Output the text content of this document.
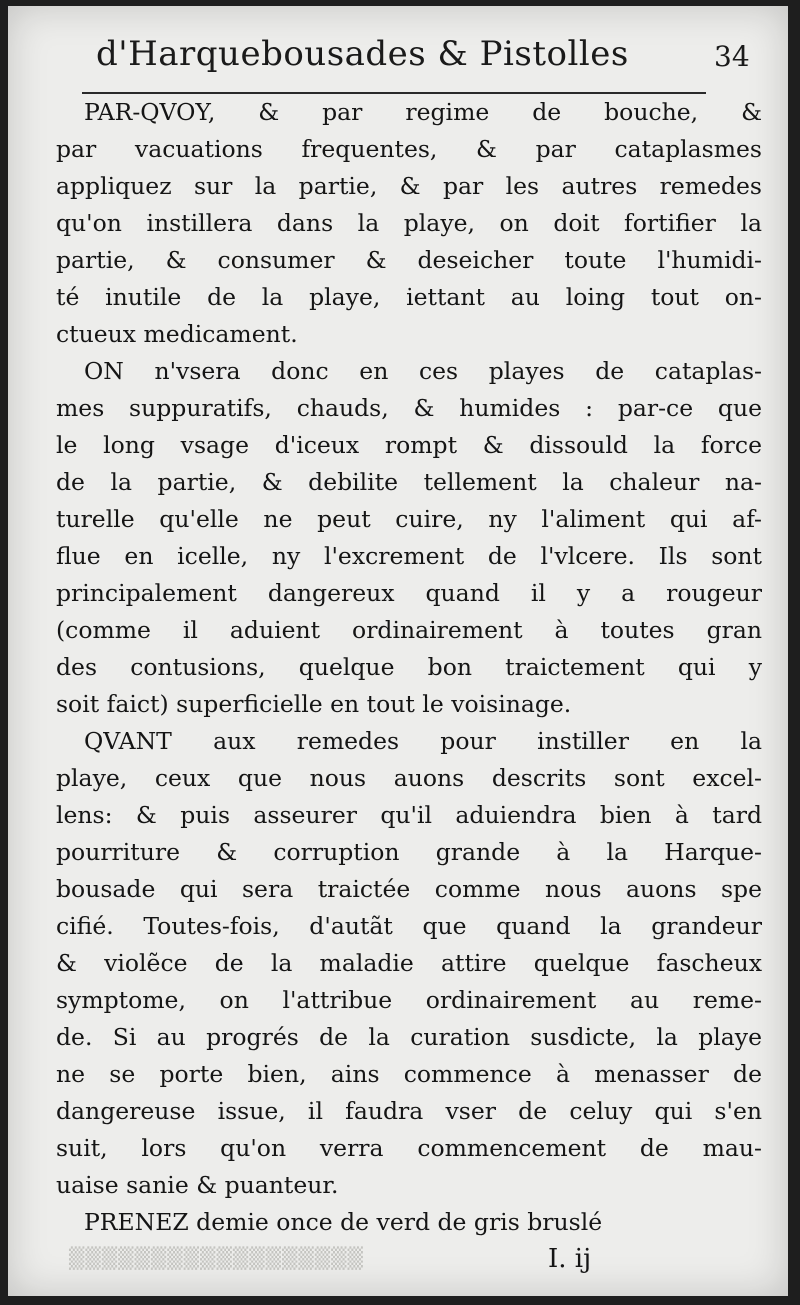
d'Harquebousades & Pistolles	34

PAR-QVOY, & par regime de bouche, &
par vacuations frequentes, & par cataplasmes
appliquez sur la partie, & par les autres remedes
qu'on instillera dans la playe, on doit fortifier la
partie, & consumer & deseicher toute l'humidi-
té inutile de la playe, iettant au loing tout on-
ctueux medicament.

ON n'vsera donc en ces playes de cataplas-
mes suppuratifs, chauds, & humides : par-ce que
le long vsage d'iceux rompt & dissould la force
de la partie, & debilite tellement la chaleur na-
turelle qu'elle ne peut cuire, ny l'aliment qui af-
flue en icelle, ny l'excrement de l'vlcere. Ils sont
principalement dangereux quand il y a rougeur
(comme il aduient ordinairement à toutes gran
des contusions, quelque bon traictement qui y
soit faict) superficielle en tout le voisinage.

QVANT aux remedes pour instiller en la
playe, ceux que nous auons descrits sont excel-
lens: & puis asseurer qu'il aduiendra bien à tard
pourriture & corruption grande à la Harque-
bousade qui sera traictée comme nous auons spe
cifié. Toutes-fois, d'autãt que quand la grandeur
& violẽce de la maladie attire quelque fascheux
symptome, on l'attribue ordinairement au reme-
de. Si au progrés de la curation susdicte, la playe
ne se porte bien, ains commence à menasser de
dangereuse issue, il faudra vser de celuy qui s'en
suit, lors qu'on verra commencement de mau-
uaise sanie & puanteur.

PRENEZ demie once de verd de gris bruslé

▒▒▒▒▒▒▒▒▒▒▒▒▒▒▒▒▒▒	I. ij
